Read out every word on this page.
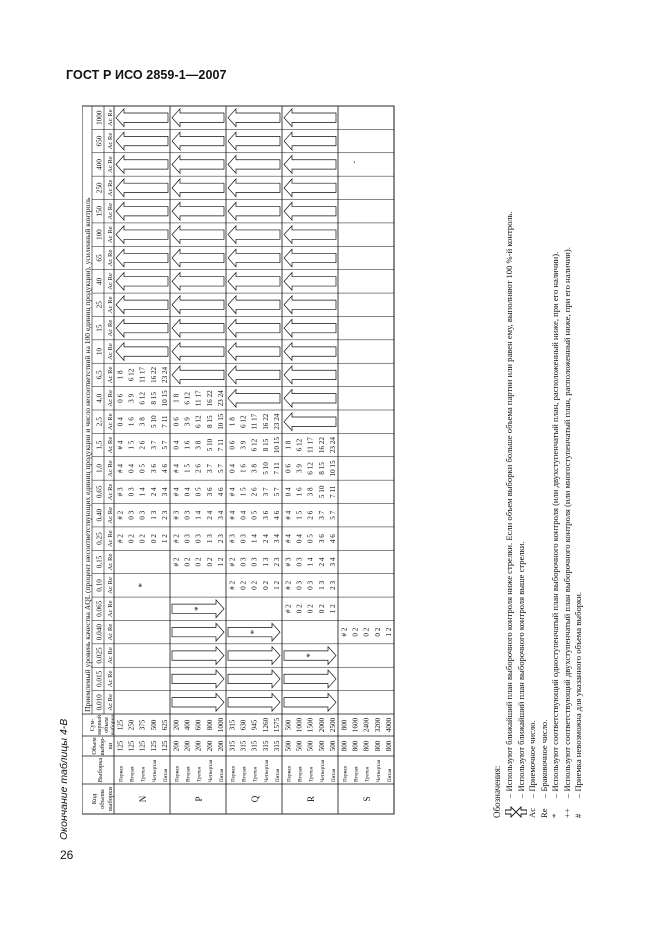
ГОСТ Р ИСО 2859-1—2007
Окончание таблицы 4-В
26
Код объема выборки
Выборка
Объем выбор- ки
Сум- марный объем выборки
Приемлемый уровень качества AQL (процент несоответствующих единиц продукции и число несоответствий на 100 единиц продукции), усиленный контроль 0,010 Ac Re
0,015 Ac Re
0,025 Ac Re
0,040 Ac Re
0,065 Ac Re
0,10 Ac Re
0,15 Ac Re
0,25 Ac Re
0,40 Ac Re
0,65 Ac Re
1,0 Ac Re
1,5 Ac Re
2,5 Ac Re
4,0 Ac Re
6,5 Ac Re
10 Ac Re
15 Ac Re
25 Ac Re
40 Ac Re
65 Ac Re
100 Ac Re
150 Ac Re
250 Ac Re
400 Ac Re
650 Ac Re
1000 Ac Re
N
Первая
125
125
# 2
# 2
# 3
# 4
# 4
0 4
0 6
1 8
Вторая
125
250
0 2
0 3
0 3
0 4
1 5
1 6
3 9
6 12
Третья
125
375
0 2
0 3
1 4
0 5
2 6
3 8
6 12
11 17
Четвертая
125
500
0 2
1 3
2 4
3 6
3 7
5 10
8 15
16 22
Пятая
125
625
1 2
2 3
3 4
4 6
5 7
7 11
10 15
23 24
*
P
Первая
200
200
# 2
# 2
# 3
# 4
# 4
0 4
0 6
1 8
Вторая
200
400
0 2
0 3
0 3
0 4
1 5
1 6
3 9
6 12
Третья
200
600
0 2
0 3
1 4
0 5
2 6
3 8
6 12
11 17
Четвертая
200
800
0 2
1 3
2 4
3 6
3 7
5 10
8 15
16 22
Пятая
200
1000
1 2
2 3
3 4
4 6
5 7
7 11
10 15
23 24
*
Q
Первая
315
315
# 2
# 2
# 3
# 4
# 4
0 4
0 6
1 8
Вторая
315
630
0 2
0 3
0 3
0 4
1 5
1 6
3 9
6 12
Третья
315
945
0 2
0 3
1 4
0 5
2 6
3 8
6 12
11 17
Четвертая
315
1260
0 2
1 3
2 4
3 6
3 7
5 10
8 15
16 22
Пятая
315
1575
1 2
2 3
3 4
4 6
5 7
7 11
10 15
23 24
*
R
Первая
500
500
# 2
# 2
# 3
# 4
# 4
0 4
0 6
1 8
Вторая
500
1000
0 2
0 3
0 3
0 4
1 5
1 6
3 9
6 12
Третья
500
1500
0 2
0 3
1 4
0 5
2 6
3 8
6 12
11 17
Четвертая
500
2000
0 2
1 3
2 4
3 6
3 7
5 10
8 15
16 22
Пятая
500
2500
1 2
2 3
3 4
4 6
5 7
7 11
10 15
23 24
*
S
Первая
800
800
# 2
Вторая
800
1600
0 2
Третья
800
2400
0 2
Четвертая
800
3200
0 2
Пятая
800
4000
1 2
·
Обозначения: – Используют ближайший план выборочного контроля ниже стрелки. Если объем выборки больше объема партии или равен ему, выполняют 100 %-й контроль. – Используют ближайший план выборочного контроля выше стрелки.
Ac
– Приемочное число.
Re
– Браковочное число.
*
– Используют соответствующий одноступенчатый план выборочного контроля (или двухступенчатый план, расположенный ниже, при его наличии).
++
– Используют соответствующий двухступенчатый план выборочного контроля (или многоступенчатый план, расположенный ниже, при его наличии).
#
– Приемка невозможна для указанного объема выборки.
